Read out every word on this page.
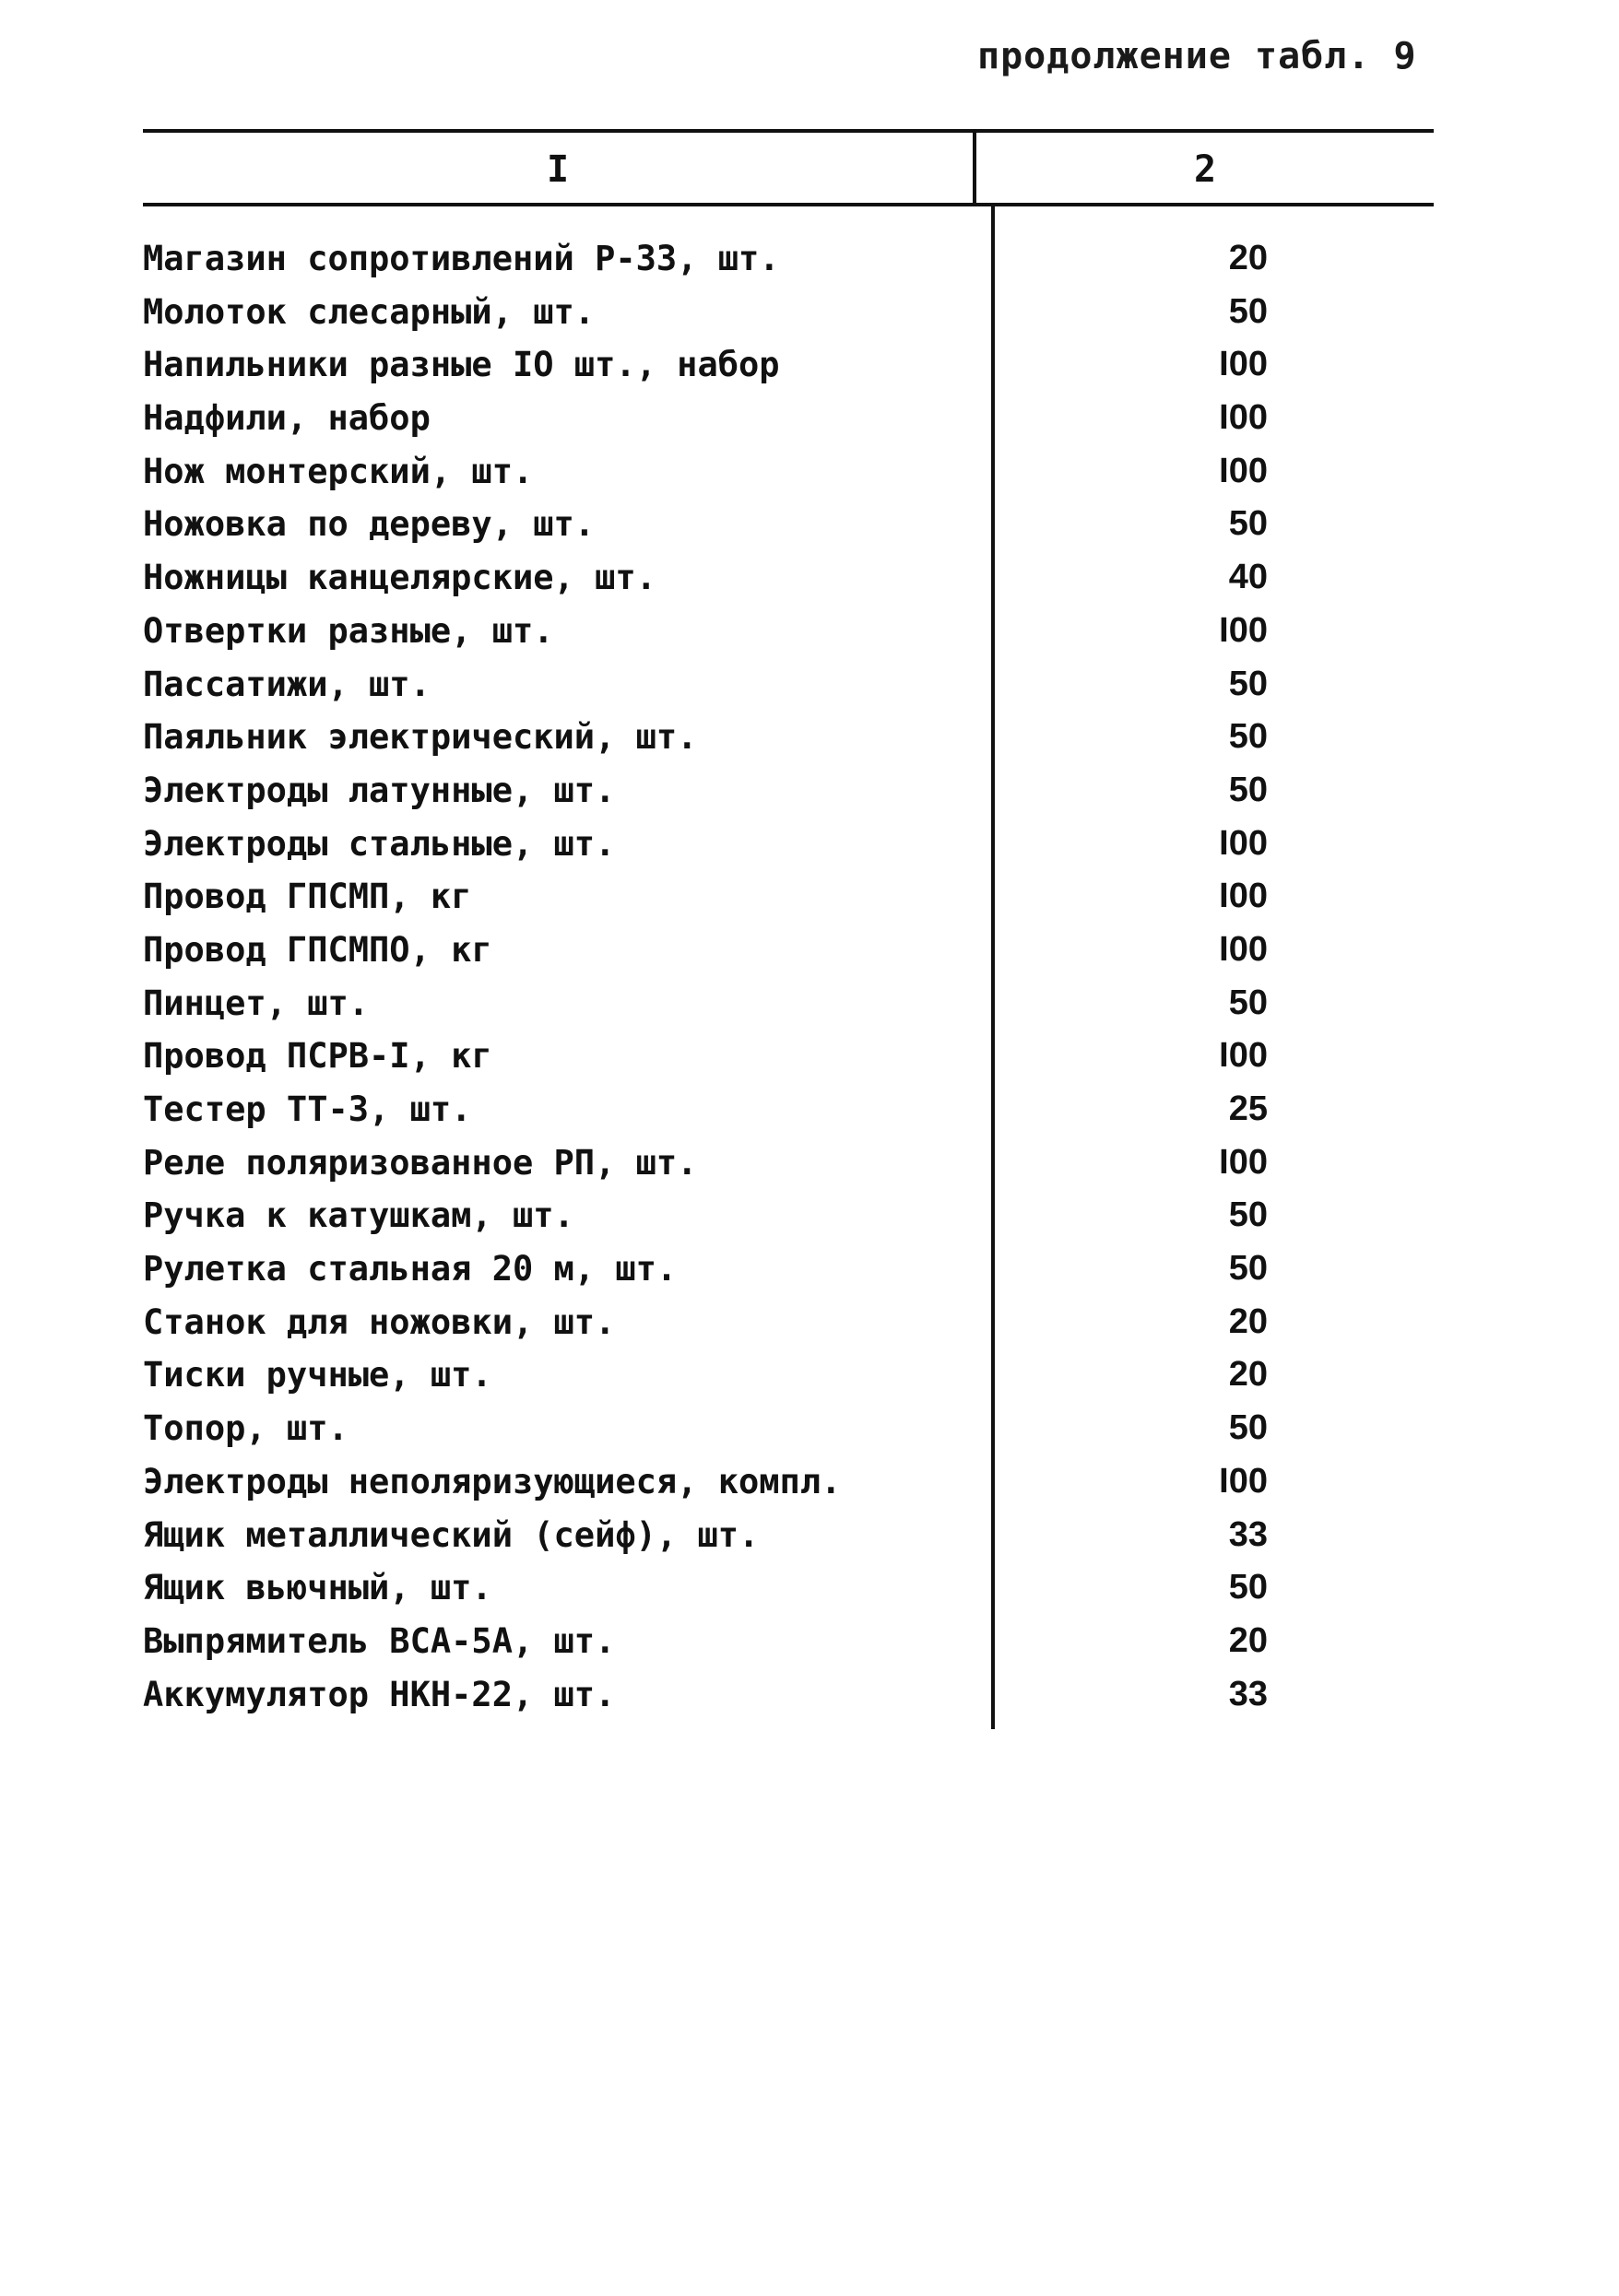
продолжение табл. 9
I	2
Магазин сопротивлений Р-33, шт.	20
Молоток слесарный, шт.	50
Напильники разные IO шт., набор	I00
Надфили, набор	I00
Нож монтерский, шт.	I00
Ножовка по дереву, шт.	50
Ножницы канцелярские, шт.	40
Отвертки разные, шт.	I00
Пассатижи, шт.	50
Паяльник электрический, шт.	50
Электроды латунные, шт.	50
Электроды стальные, шт.	I00
Провод ГПСМП, кг	I00
Провод ГПСМПО, кг	I00
Пинцет, шт.	50
Провод ПСРВ-I, кг	I00
Тестер ТТ-3, шт.	25
Реле поляризованное РП, шт.	I00
Ручка к катушкам, шт.	50
Рулетка стальная 20 м, шт.	50
Станок для ножовки, шт.	20
Тиски ручные, шт.	20
Топор, шт.	50
Электроды неполяризующиеся, компл.	I00
Ящик металлический (сейф), шт.	33
Ящик вьючный, шт.	50
Выпрямитель ВСА-5А, шт.	20
Аккумулятор НКН-22, шт.	33
